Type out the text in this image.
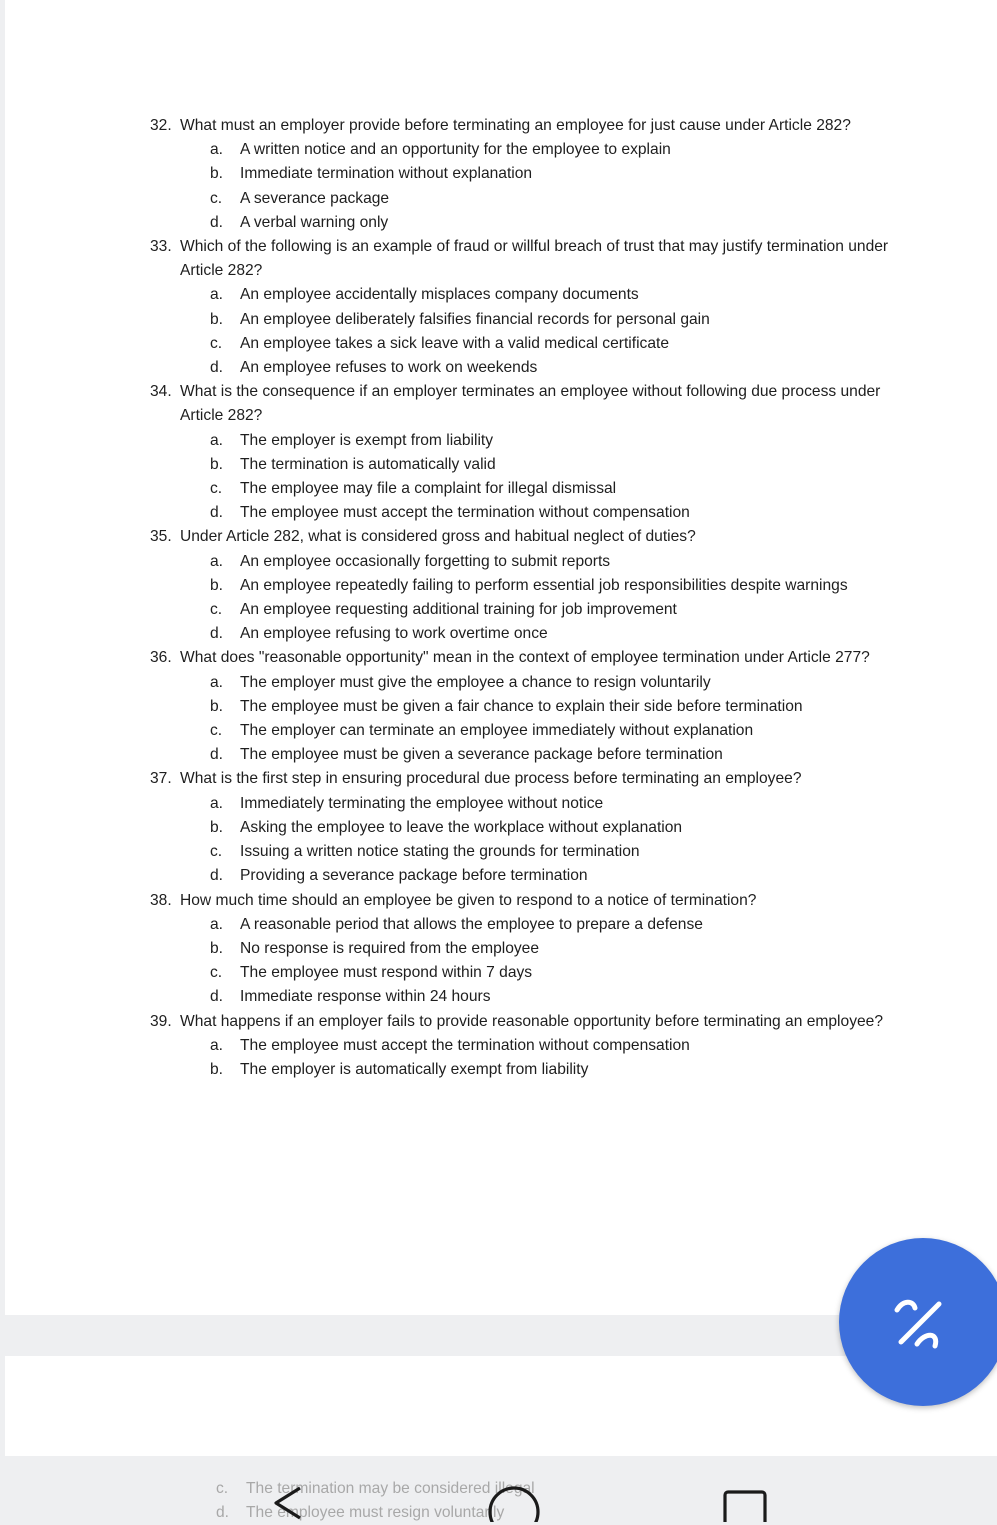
32. What must an employer provide before terminating an employee for just cause under Article 282?
a. A written notice and an opportunity for the employee to explain
b. Immediate termination without explanation
c. A severance package
d. A verbal warning only
33. Which of the following is an example of fraud or willful breach of trust that may justify termination under Article 282?
a. An employee accidentally misplaces company documents
b. An employee deliberately falsifies financial records for personal gain
c. An employee takes a sick leave with a valid medical certificate
d. An employee refuses to work on weekends
34. What is the consequence if an employer terminates an employee without following due process under Article 282?
a. The employer is exempt from liability
b. The termination is automatically valid
c. The employee may file a complaint for illegal dismissal
d. The employee must accept the termination without compensation
35. Under Article 282, what is considered gross and habitual neglect of duties?
a. An employee occasionally forgetting to submit reports
b. An employee repeatedly failing to perform essential job responsibilities despite warnings
c. An employee requesting additional training for job improvement
d. An employee refusing to work overtime once
36. What does "reasonable opportunity" mean in the context of employee termination under Article 277?
a. The employer must give the employee a chance to resign voluntarily
b. The employee must be given a fair chance to explain their side before termination
c. The employer can terminate an employee immediately without explanation
d. The employee must be given a severance package before termination
37. What is the first step in ensuring procedural due process before terminating an employee?
a. Immediately terminating the employee without notice
b. Asking the employee to leave the workplace without explanation
c. Issuing a written notice stating the grounds for termination
d. Providing a severance package before termination
38. How much time should an employee be given to respond to a notice of termination?
a. A reasonable period that allows the employee to prepare a defense
b. No response is required from the employee
c. The employee must respond within 7 days
d. Immediate response within 24 hours
39. What happens if an employer fails to provide reasonable opportunity before terminating an employee?
a. The employee must accept the termination without compensation
b. The employer is automatically exempt from liability
c. The termination may be considered illegal
d. The employee must resign voluntarily
